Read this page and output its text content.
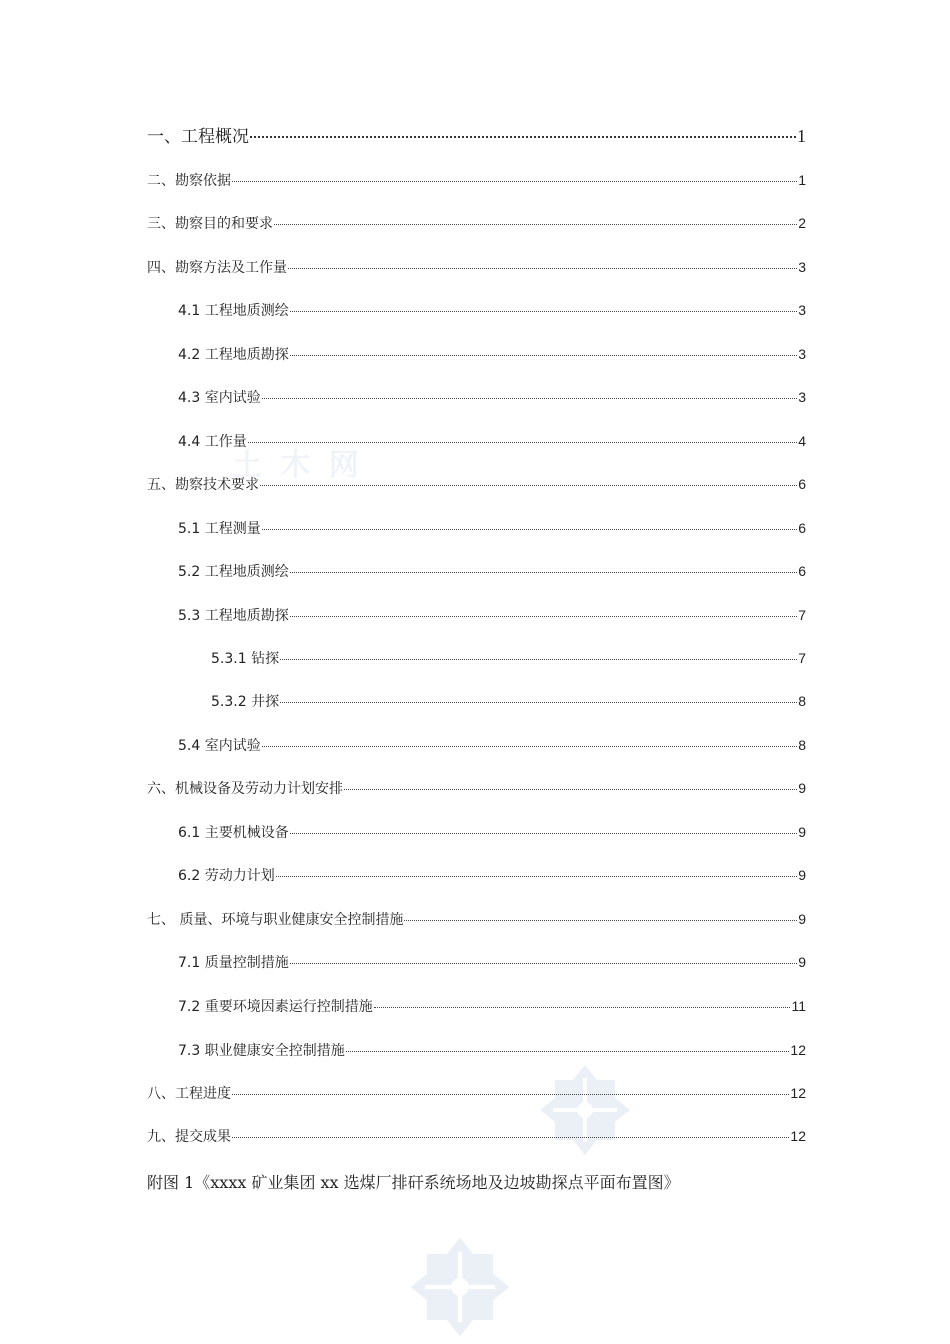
土 木 网
一、工程概况	1
二、勘察依据	1
三、勘察目的和要求	2
四、勘察方法及工作量	3
4.1 工程地质测绘	3
4.2 工程地质勘探	3
4.3 室内试验	3
4.4 工作量	4
五、勘察技术要求	6
5.1 工程测量	6
5.2 工程地质测绘	6
5.3 工程地质勘探	7
5.3.1 钻探	7
5.3.2 井探	8
5.4 室内试验	8
六、机械设备及劳动力计划安排	9
6.1 主要机械设备	9
6.2 劳动力计划	9
七、 质量、环境与职业健康安全控制措施	9
7.1 质量控制措施	9
7.2 重要环境因素运行控制措施	11
7.3 职业健康安全控制措施	12
八、工程进度	12
九、提交成果	12
附图 1《xxxx 矿业集团 xx 选煤厂排矸系统场地及边坡勘探点平面布置图》
